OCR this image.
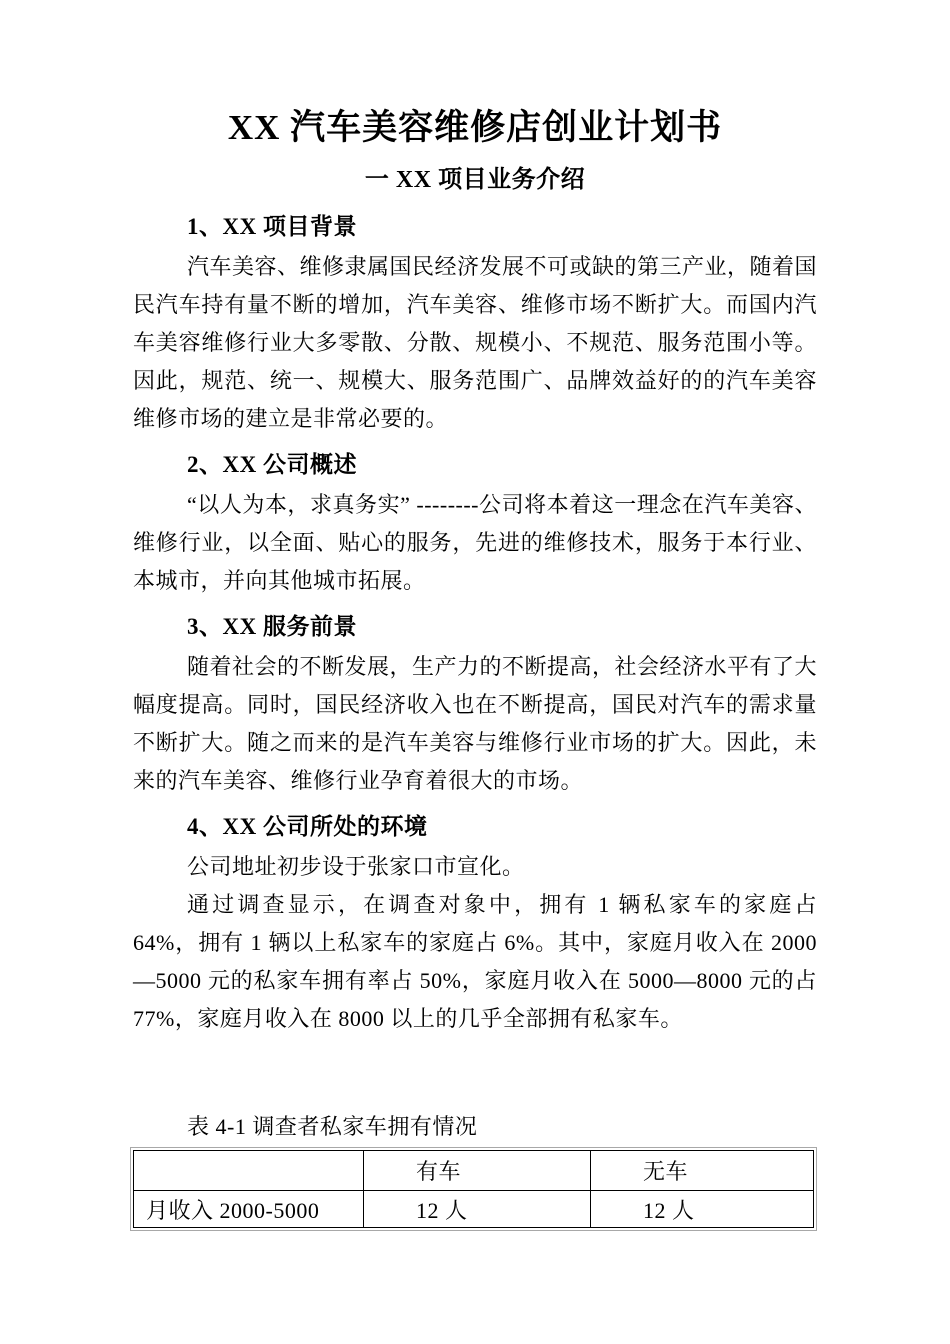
XX 汽车美容维修店创业计划书
一 XX 项目业务介绍
1、XX 项目背景

汽车美容、维修隶属国民经济发展不可或缺的第三产业，随着国民汽车持有量不断的增加，汽车美容、维修市场不断扩大。而国内汽车美容维修行业大多零散、分散、规模小、不规范、服务范围小等。因此，规范、统一、规模大、服务范围广、品牌效益好的的汽车美容维修市场的建立是非常必要的。

2、XX 公司概述

“以人为本，求真务实” --------公司将本着这一理念在汽车美容、维修行业，以全面、贴心的服务，先进的维修技术，服务于本行业、本城市，并向其他城市拓展。

3、XX 服务前景

随着社会的不断发展，生产力的不断提高，社会经济水平有了大幅度提高。同时，国民经济收入也在不断提高，国民对汽车的需求量不断扩大。随之而来的是汽车美容与维修行业市场的扩大。因此，未来的汽车美容、维修行业孕育着很大的市场。

4、XX 公司所处的环境

公司地址初步设于张家口市宣化。

通过调查显示，在调查对象中，拥有 1 辆私家车的家庭占 64%，拥有 1 辆以上私家车的家庭占 6%。其中，家庭月收入在 2000—5000 元的私家车拥有率占 50%，家庭月收入在 5000—8000 元的占 77%，家庭月收入在 8000 以上的几乎全部拥有私家车。

表 4-1 调查者私家车拥有情况

	有车	无车
月收入 2000-5000	12 人	12 人
